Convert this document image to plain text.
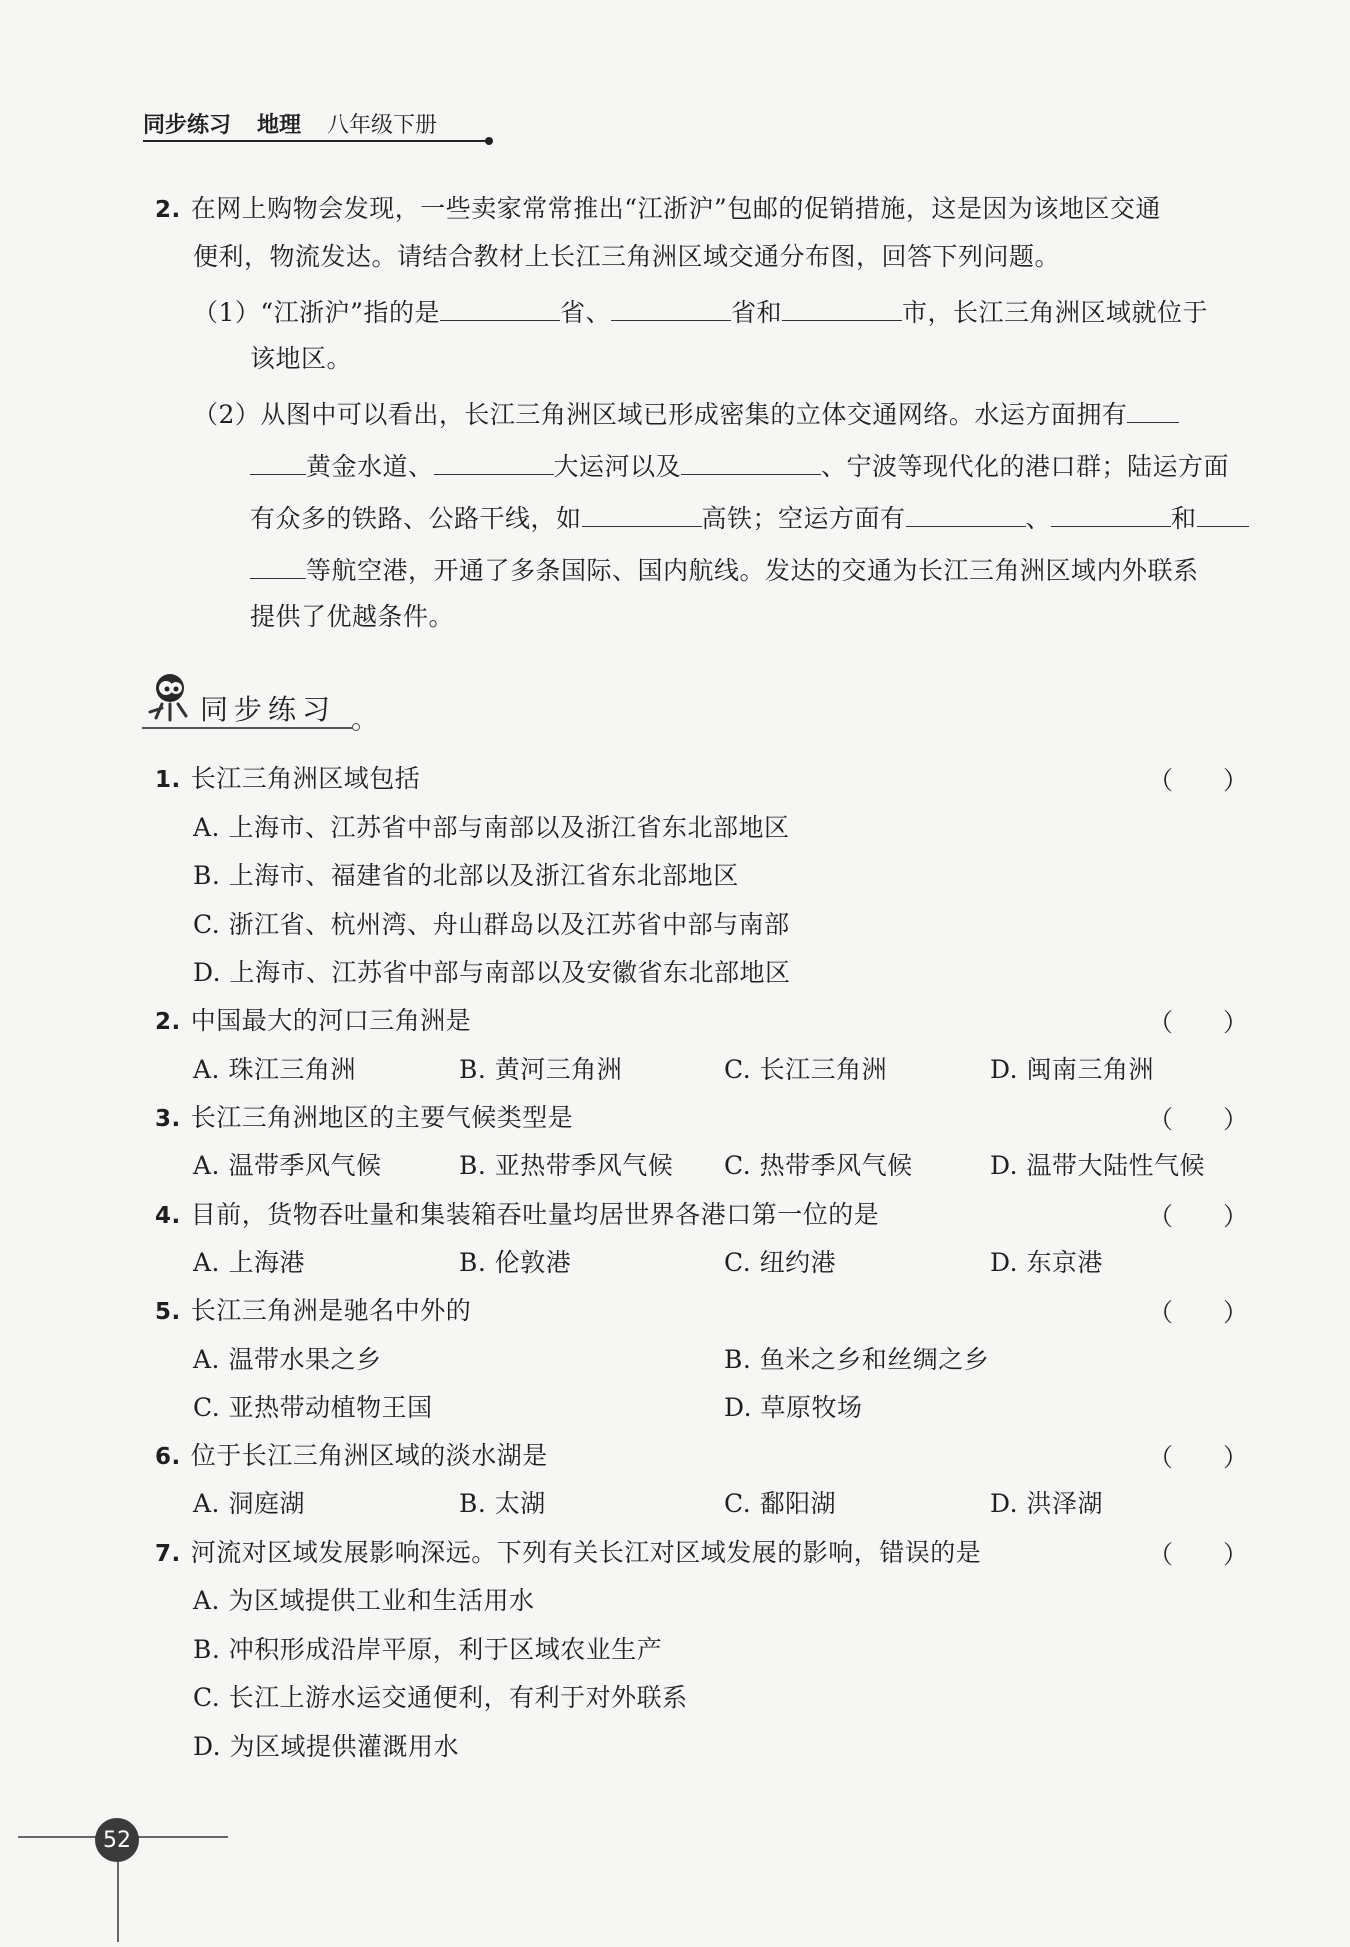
同步练习 地理 八年级下册
2. 在网上购物会发现，一些卖家常常推出“江浙沪”包邮的促销措施，这是因为该地区交通
便利，物流发达。请结合教材上长江三角洲区域交通分布图，回答下列问题。
（1）“江浙沪”指的是	省、	省和	市，长江三角洲区域就位于
该地区。
（2）从图中可以看出，长江三角洲区域已形成密集的立体交通网络。水运方面拥有
黄金水道、	大运河以及	、宁波等现代化的港口群；陆运方面
有众多的铁路、公路干线，如	高铁；空运方面有	、	和
等航空港，开通了多条国际、国内航线。发达的交通为长江三角洲区域内外联系
提供了优越条件。
同步练习
1. 长江三角洲区域包括	（　　）
A. 上海市、江苏省中部与南部以及浙江省东北部地区
B. 上海市、福建省的北部以及浙江省东北部地区
C. 浙江省、杭州湾、舟山群岛以及江苏省中部与南部
D. 上海市、江苏省中部与南部以及安徽省东北部地区
2. 中国最大的河口三角洲是	（　　）
A. 珠江三角洲	B. 黄河三角洲	C. 长江三角洲	D. 闽南三角洲
3. 长江三角洲地区的主要气候类型是	（　　）
A. 温带季风气候	B. 亚热带季风气候 C. 热带季风气候	D. 温带大陆性气候
4. 目前，货物吞吐量和集装箱吞吐量均居世界各港口第一位的是	（　　）
A. 上海港	B. 伦敦港	C. 纽约港	D. 东京港
5. 长江三角洲是驰名中外的	（　　）
A. 温带水果之乡	B. 鱼米之乡和丝绸之乡
C. 亚热带动植物王国	D. 草原牧场
6. 位于长江三角洲区域的淡水湖是	（　　）
A. 洞庭湖	B. 太湖	C. 鄱阳湖	D. 洪泽湖
7. 河流对区域发展影响深远。下列有关长江对区域发展的影响，错误的是	（　　）
A. 为区域提供工业和生活用水
B. 冲积形成沿岸平原，利于区域农业生产
C. 长江上游水运交通便利，有利于对外联系
D. 为区域提供灌溉用水
52
